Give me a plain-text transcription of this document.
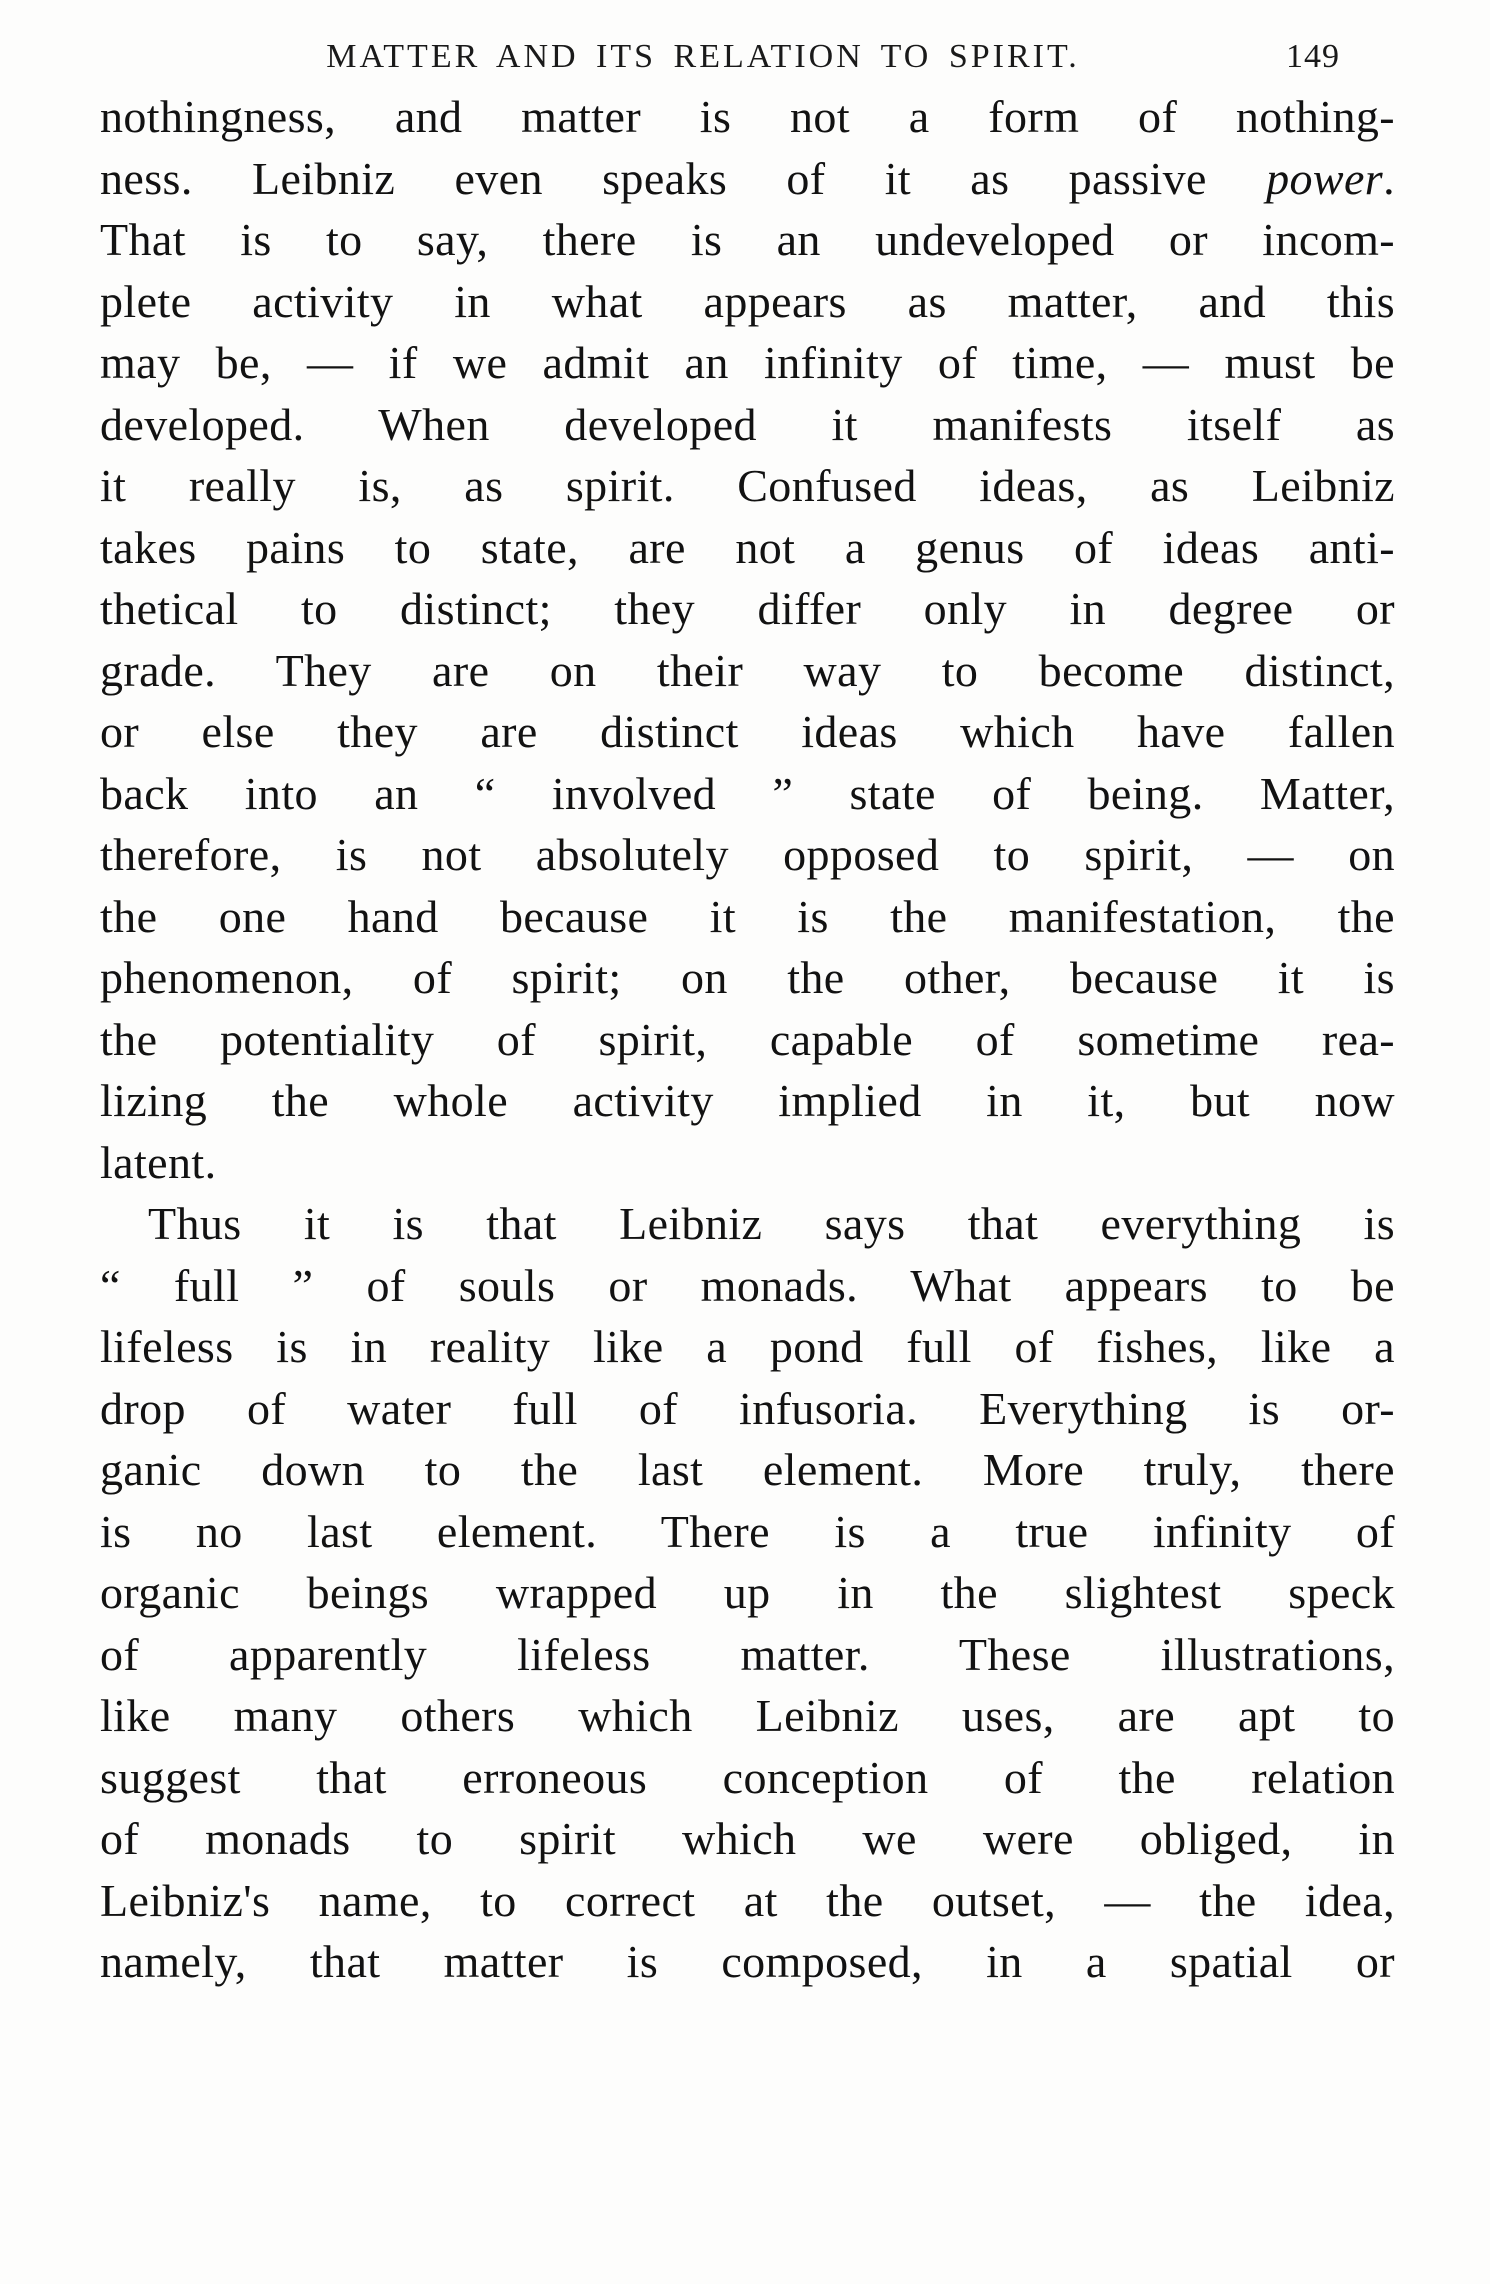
MATTER AND ITS RELATION TO SPIRIT.	149
nothingness, and matter is not a form of nothing-
ness. Leibniz even speaks of it as passive power.
That is to say, there is an undeveloped or incom-
plete activity in what appears as matter, and this
may be, — if we admit an infinity of time, — must be
developed. When developed it manifests itself as
it really is, as spirit. Confused ideas, as Leibniz
takes pains to state, are not a genus of ideas anti-
thetical to distinct; they differ only in degree or
grade. They are on their way to become distinct,
or else they are distinct ideas which have fallen
back into an “ involved ” state of being. Matter,
therefore, is not absolutely opposed to spirit, — on
the one hand because it is the manifestation, the
phenomenon, of spirit; on the other, because it is
the potentiality of spirit, capable of sometime rea-
lizing the whole activity implied in it, but now
latent.
Thus it is that Leibniz says that everything is
“ full ” of souls or monads. What appears to be
lifeless is in reality like a pond full of fishes, like a
drop of water full of infusoria. Everything is or-
ganic down to the last element. More truly, there
is no last element. There is a true infinity of
organic beings wrapped up in the slightest speck
of apparently lifeless matter. These illustrations,
like many others which Leibniz uses, are apt to
suggest that erroneous conception of the relation
of monads to spirit which we were obliged, in
Leibniz's name, to correct at the outset, — the idea,
namely, that matter is composed, in a spatial or
